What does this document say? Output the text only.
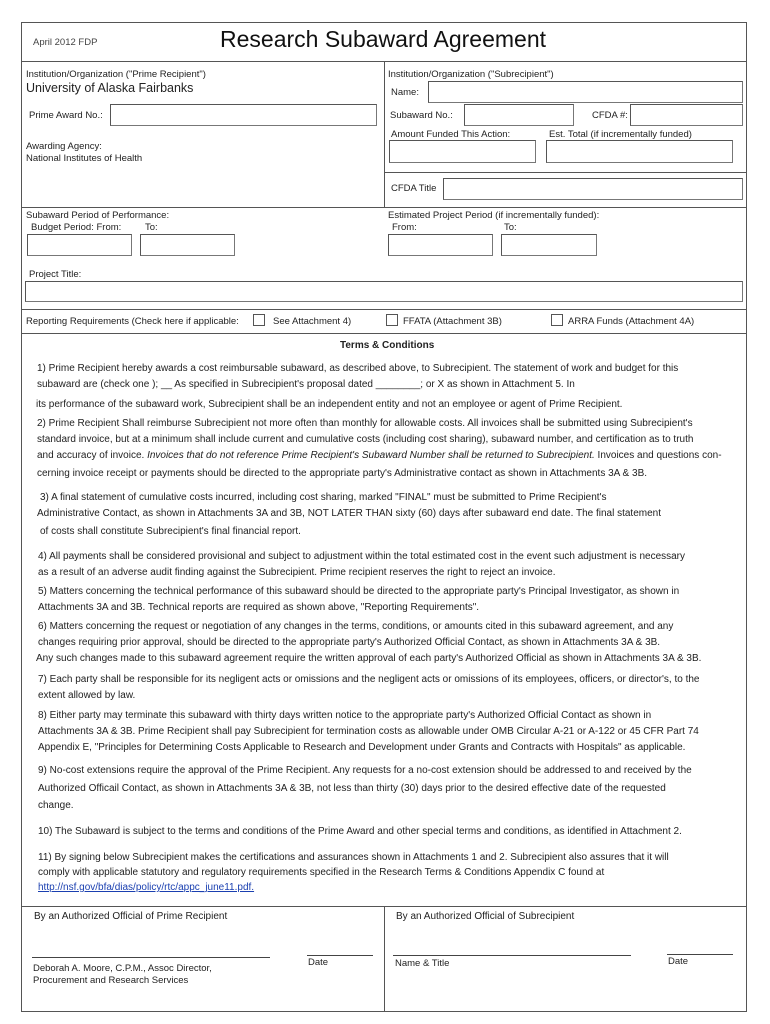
April 2012 FDP	Research Subaward Agreement
Institution/Organization ("Prime Recipient")
University of Alaska Fairbanks
Prime Award No.:
Awarding Agency:
National Institutes of Health
Institution/Organization ("Subrecipient")
Name:
Subaward No.:	CFDA #:
Amount Funded This Action:	Est. Total (if incrementally funded)
CFDA Title
Subaward Period of Performance:
Budget Period: From: To:
Estimated Project Period (if incrementally funded):
From:	To:
Project Title:
Reporting Requirements (Check here if applicable:	See Attachment 4)	FFATA (Attachment 3B)	ARRA Funds (Attachment 4A)
Terms & Conditions
1) Prime Recipient hereby awards a cost reimbursable subaward, as described above, to Subrecipient. The statement of work and budget for this
subaward are (check one ); __ As specified in Subrecipient's proposal dated ________; or X as shown in Attachment 5. In
its performance of the subaward work, Subrecipient shall be an independent entity and not an employee or agent of Prime Recipient.
2) Prime Recipient Shall reimburse Subrecipient not more often than monthly for allowable costs. All invoices shall be submitted using Subrecipient's
standard invoice, but at a minimum shall include current and cumulative costs (including cost sharing), subaward number, and certification as to truth
and accuracy of invoice. Invoices that do not reference Prime Recipient's Subaward Number shall be returned to Subrecipient. Invoices and questions con-
cerning invoice receipt or payments should be directed to the appropriate party's Administrative contact as shown in Attachments 3A & 3B.
3) A final statement of cumulative costs incurred, including cost sharing, marked "FINAL" must be submitted to Prime Recipient's
Administrative Contact, as shown in Attachments 3A and 3B, NOT LATER THAN sixty (60) days after subaward end date. The final statement
of costs shall constitute Subrecipient's final financial report.
4) All payments shall be considered provisional and subject to adjustment within the total estimated cost in the event such adjustment is necessary
as a result of an adverse audit finding against the Subrecipient. Prime recipient reserves the right to reject an invoice.
5) Matters concerning the technical performance of this subaward should be directed to the appropriate party's Principal Investigator, as shown in
Attachments 3A and 3B. Technical reports are required as shown above, "Reporting Requirements".
6) Matters concerning the request or negotiation of any changes in the terms, conditions, or amounts cited in this subaward agreement, and any
changes requiring prior approval, should be directed to the appropriate party's Authorized Official Contact, as shown in Attachments 3A & 3B.
Any such changes made to this subaward agreement require the written approval of each party's Authorized Official as shown in Attachments 3A & 3B.
7) Each party shall be responsible for its negligent acts or omissions and the negligent acts or omissions of its employees, officers, or director's, to the
extent allowed by law.
8) Either party may terminate this subaward with thirty days written notice to the appropriate party's Authorized Official Contact as shown in
Attachments 3A & 3B. Prime Recipient shall pay Subrecipient for termination costs as allowable under OMB Circular A-21 or A-122 or 45 CFR Part 74
Appendix E, "Principles for Determining Costs Applicable to Research and Development under Grants and Contracts with Hospitals" as applicable.
9) No-cost extensions require the approval of the Prime Recipient. Any requests for a no-cost extension should be addressed to and received by the
Authorized Officail Contact, as shown in Attachments 3A & 3B, not less than thirty (30) days prior to the desired effective date of the requested
change.
10) The Subaward is subject to the terms and conditions of the Prime Award and other special terms and conditions, as identified in Attachment 2.
11) By signing below Subrecipient makes the certifications and assurances shown in Attachments 1 and 2. Subrecipient also assures that it will
comply with applicable statutory and regulatory requirements specified in the Research Terms & Conditions Appendix C found at
http://nsf.gov/bfa/dias/policy/rtc/appc_june11.pdf.
By an Authorized Official of Prime Recipient	By an Authorized Official of Subrecipient
Date
Deborah A. Moore, C.P.M., Assoc Director,
Procurement and Research Services
Name & Title	Date
